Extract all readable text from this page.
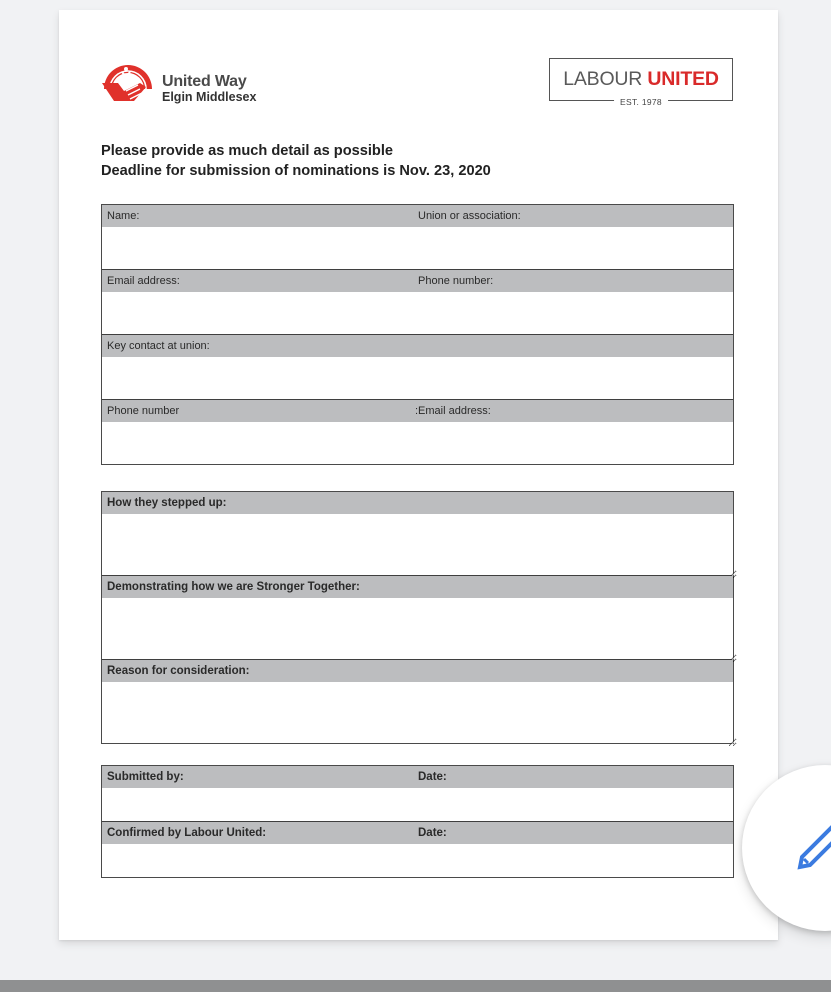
United Way
Elgin Middlesex
LABOUR UNITED
EST. 1978
Please provide as much detail as possible
Deadline for submission of nominations is Nov. 23, 2020
Name:	Union or association:
Email address:	Phone number:
Key contact at union:
Phone number	:Email address:
How they stepped up:
Demonstrating how we are Stronger Together:
Reason for consideration:
Submitted by:	Date:
Confirmed by Labour United:	Date:
